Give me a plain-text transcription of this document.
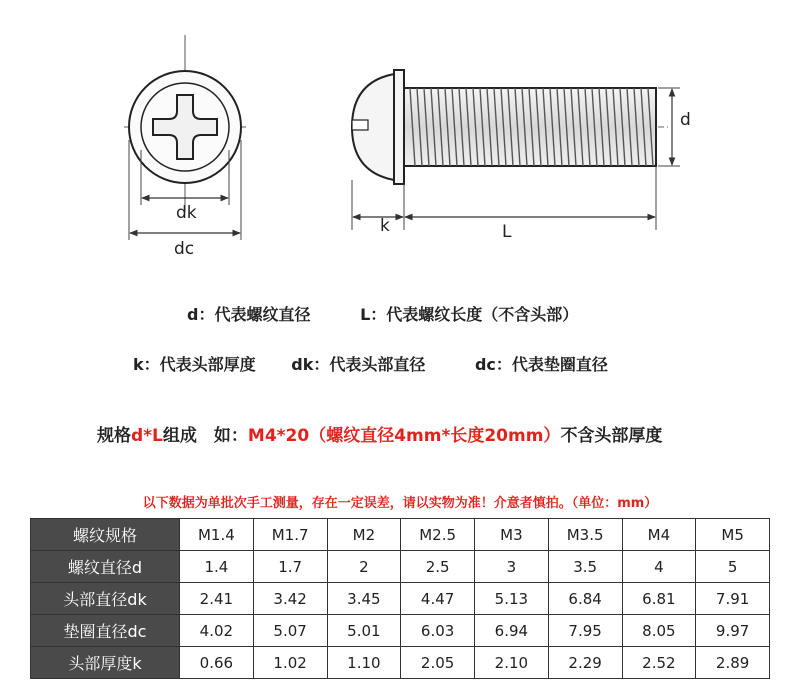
dk
dc
d
k	L
d：代表螺纹直径	L：代表螺纹长度（不含头部）
k：代表头部厚度 dk：代表头部直径	dc：代表垫圈直径
规格d*L组成　如：M4*20（螺纹直径4mm*长度20mm）不含头部厚度
以下数据为单批次手工测量，存在一定误差，请以实物为准！介意者慎拍。（单位：mm）
螺纹规格	M1.4	M1.7	M2	M2.5	M3	M3.5	M4	M5
螺纹直径d	1.4	1.7	2	2.5	3	3.5	4	5
头部直径dk	2.41	3.42	3.45	4.47	5.13	6.84	6.81	7.91
垫圈直径dc	4.02	5.07	5.01	6.03	6.94	7.95	8.05	9.97
头部厚度k	0.66	1.02	1.10	2.05	2.10	2.29	2.52	2.89
